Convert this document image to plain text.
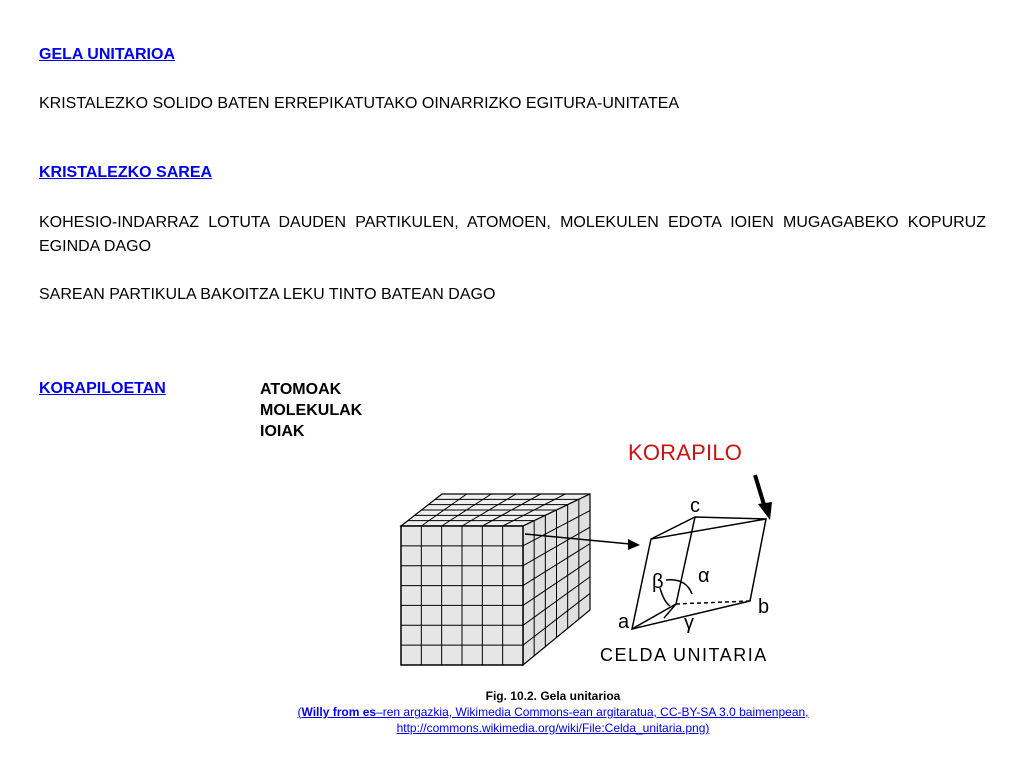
GELA UNITARIOA
KRISTALEZKO SOLIDO BATEN ERREPIKATUTAKO OINARRIZKO EGITURA-UNITATEA
KRISTALEZKO SAREA
KOHESIO-INDARRAZ LOTUTA DAUDEN PARTIKULEN, ATOMOEN, MOLEKULEN EDOTA IOIEN MUGAGABEKO KOPURUZ EGINDA DAGO
SAREAN PARTIKULA BAKOITZA LEKU TINTO BATEAN DAGO
KORAPILOETAN	ATOMOAK
MOLEKULAK
IOIAK
KORAPILO
c
a
b
β α
γ
CELDA UNITARIA
Fig. 10.2. Gela unitarioa
(Willy from es–ren argazkia, Wikimedia Commons-ean argitaratua, CC-BY-SA 3.0 baimenpean,
http://commons.wikimedia.org/wiki/File:Celda_unitaria.png)
